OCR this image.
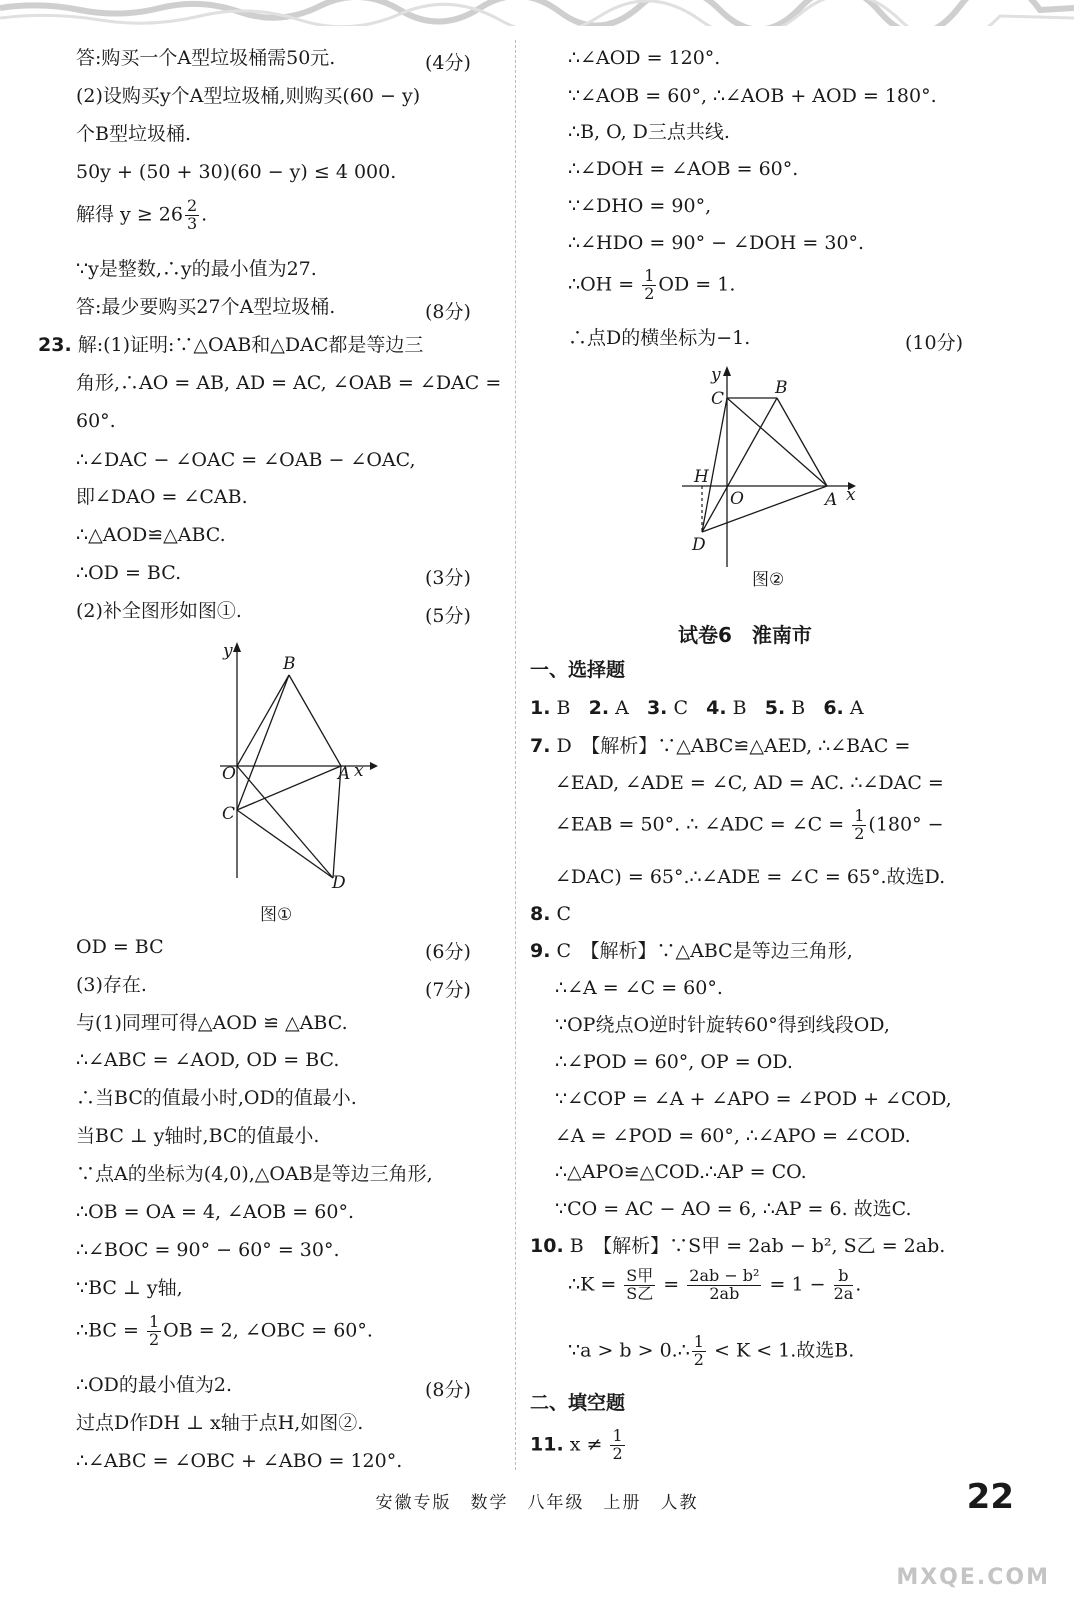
答:购买一个A型垃圾桶需50元.	(4分)
(2)设购买y个A型垃圾桶,则购买(60 − y)
个B型垃圾桶.
50y + (50 + 30)(60 − y) ≤ 4 000.
解得 $y \ge 26 \frac{2}{3}$ .
∵y是整数,∴y的最小值为27.
答:最少要购买27个A型垃圾桶.	(8分)
23. 解:(1)证明:∵△OAB和△DAC都是等边三
角形,∴AO = AB, AD = AC, ∠OAB = ∠DAC =
60°.
∴∠DAC − ∠OAC = ∠OAB − ∠OAC,
即∠DAO = ∠CAB.
∴△AOD≌△ABC.
∴OD = BC.	(3分)
(2)补全图形如图①.	(5分)
y
B
O	A x
C
D
图①
OD = BC	(6分)
(3)存在.	(7分)
与(1)同理可得△AOD ≌ △ABC.
∴∠ABC = ∠AOD, OD = BC.
∴当BC的值最小时,OD的值最小.
当BC ⊥ y轴时,BC的值最小.
∵点A的坐标为(4,0),△OAB是等边三角形,
∴OB = OA = 4, ∠AOB = 60°.
∴∠BOC = 90° − 60° = 30°.
∵BC ⊥ y轴,
∴BC = $\frac{1}{2}$ OB = 2, ∠OBC = 60°.
∴OD的最小值为2.	(8分)
过点D作DH ⊥ x轴于点H,如图②.
∴∠ABC = ∠OBC + ∠ABO = 120°.
∴∠AOD = 120°.
∵∠AOB = 60°, ∴∠AOB + AOD = 180°.
∴B, O, D三点共线.
∴∠DOH = ∠AOB = 60°.
∵∠DHO = 90°,
∴∠HDO = 90° − ∠DOH = 30°.
∴OH = $\frac{1}{2}$ OD = 1.
∴点D的横坐标为−1.	(10分)
y
B
C
H
O	A x
D
图②
试卷6　淮南市
一、选择题
1. B 2. A 3. C 4. B 5. B 6. A
7. D　【解析】∵△ABC≌△AED, ∴∠BAC =
∠EAD, ∠ADE = ∠C, AD = AC. ∴∠DAC =
∠EAB = 50°. ∴ ∠ADC = ∠C = $\frac{1}{2} (180^\circ$ −
∠DAC) = 65°.∴∠ADE = ∠C = 65°.故选D.
8. C
9. C　【解析】∵△ABC是等边三角形,
∴∠A = ∠C = 60°.
∵OP绕点O逆时针旋转60°得到线段OD,
∴∠POD = 60°, OP = OD.
∵∠COP = ∠A + ∠APO = ∠POD + ∠COD,
∠A = ∠POD = 60°, ∴∠APO = ∠COD.
∴△APO≌△COD.∴AP = CO.
∵CO = AC − AO = 6, ∴AP = 6. 故选C.
10. B　【解析】∵S甲 = 2ab − b², S乙 = 2ab.
∴K = $\frac{\text{S甲}}{\text{S乙}} = \frac{\text{2ab − b²}}{2ab} = 1 - \frac{b}{2a}$ .
∵a > b > 0.∴ $\frac{1}{2} < K < 1$.故选B.
二、填空题
11. $x \ne \frac{1}{2}$
安徽专版　数学　八年级　上册　人教	22
MXQE.COM
